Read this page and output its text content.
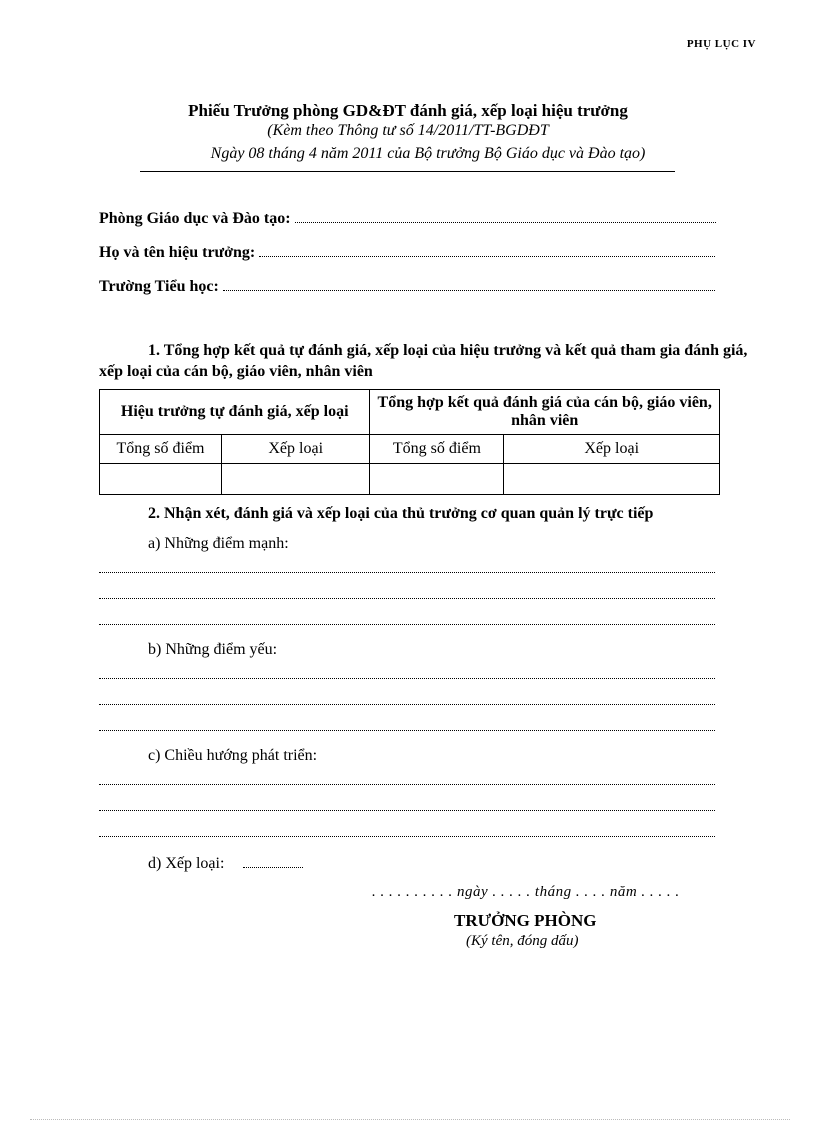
PHỤ LỤC IV
Phiếu Trưởng phòng GD&ĐT đánh giá, xếp loại hiệu trưởng
(Kèm theo Thông tư số 14/2011/TT-BGDĐT
Ngày 08 tháng 4 năm 2011 của Bộ trưởng Bộ Giáo dục và Đào tạo)
Phòng Giáo dục và Đào tạo:
Họ và tên hiệu trưởng:
Trường Tiểu học:
1. Tổng hợp kết quả tự đánh giá, xếp loại của hiệu trưởng và kết quả tham gia đánh giá, xếp loại của cán bộ, giáo viên, nhân viên
Hiệu trưởng tự đánh giá, xếp loại		Tổng hợp kết quả đánh giá của cán bộ, giáo viên, nhân viên	
Tổng số điểm	Xếp loại	Tổng số điểm	Xếp loại

2. Nhận xét, đánh giá và xếp loại của thủ trưởng cơ quan quản lý trực tiếp
a) Những điểm mạnh:
b) Những điểm yếu:
c) Chiều hướng phát triển:
d) Xếp loại:
. . . . . . . . . . ngày . . . . . tháng . . . . năm . . . . .
TRƯỞNG PHÒNG
(Ký tên, đóng dấu)
